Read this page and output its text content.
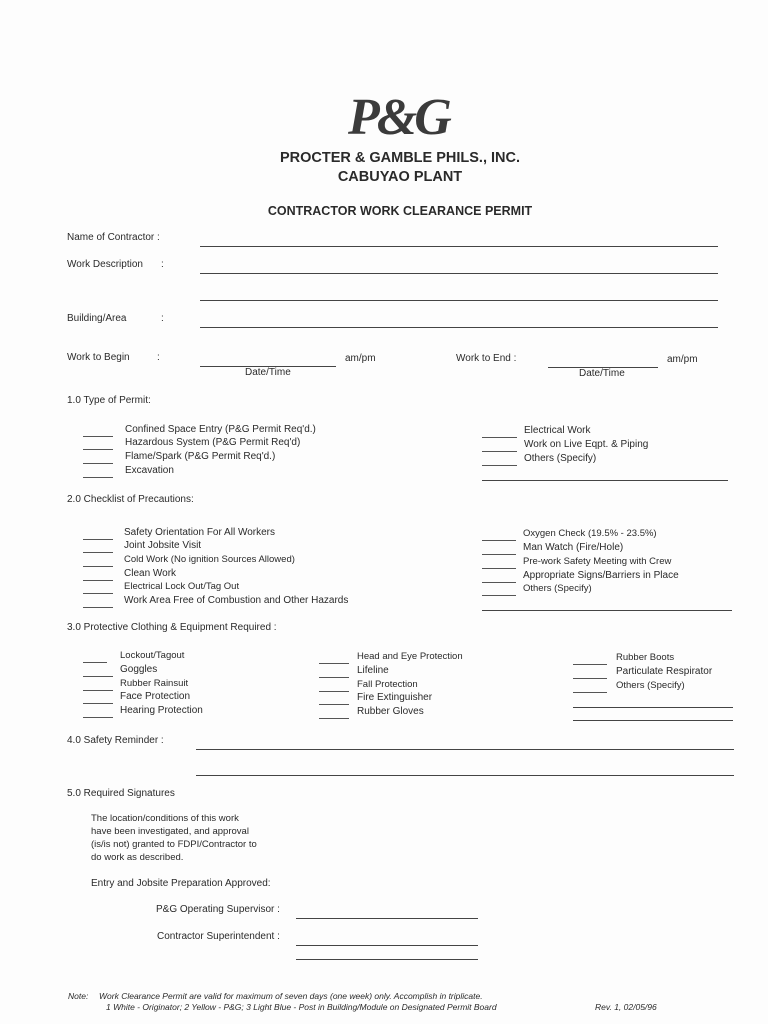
P&G
PROCTER & GAMBLE PHILS., INC.
CABUYAO PLANT
CONTRACTOR WORK CLEARANCE PERMIT
Name of Contractor :
Work Description :
Building/Area	:
Work to Begin	:	am/pm
Date/Time
Work to End :	am/pm
Date/Time
1.0 Type of Permit:
Confined Space Entry (P&G Permit Req'd.)
Hazardous System (P&G Permit Req'd)
Flame/Spark (P&G Permit Req'd.)
Excavation
Electrical Work
Work on Live Eqpt. & Piping
Others (Specify)
2.0 Checklist of Precautions:
Safety Orientation For All Workers
Joint Jobsite Visit
Cold Work (No ignition Sources Allowed)
Clean Work
Electrical Lock Out/Tag Out
Work Area Free of Combustion and Other Hazards
Oxygen Check (19.5% - 23.5%)
Man Watch (Fire/Hole)
Pre-work Safety Meeting with Crew
Appropriate Signs/Barriers in Place
Others (Specify)
3.0 Protective Clothing & Equipment Required :
Lockout/Tagout
Goggles
Rubber Rainsuit
Face Protection
Hearing Protection
Head and Eye Protection
Lifeline
Fall Protection
Fire Extinguisher
Rubber Gloves
Rubber Boots
Particulate Respirator
Others (Specify)
4.0 Safety Reminder :
5.0 Required Signatures
The location/conditions of this work
have been investigated, and approval
(is/is not) granted to FDPI/Contractor to
do work as described.
Entry and Jobsite Preparation Approved:
P&G Operating Supervisor :
Contractor Superintendent :
Note: Work Clearance Permit are valid for maximum of seven days (one week) only. Accomplish in triplicate.
1 White - Originator; 2 Yellow - P&G; 3 Light Blue - Post in Building/Module on Designated Permit Board	Rev. 1, 02/05/96
